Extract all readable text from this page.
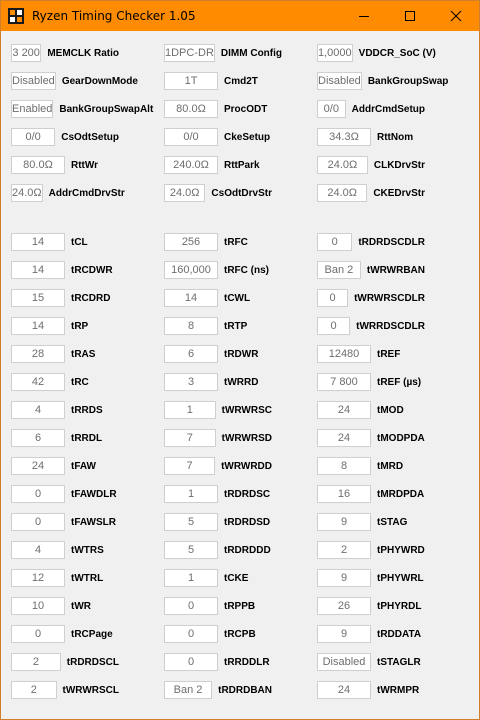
Ryzen Timing Checker 1.05
3 200 MEMCLK Ratio	1DPC-DR DIMM Config	1,0000 VDDCR_SoC (V)
Disabled GearDownMode	1T	Cmd2T	Disabled BankGroupSwap
Enabled BankGroupSwapAlt	80.0Ω	ProcODT	0/0	AddrCmdSetup
0/0	CsOdtSetup	0/0	CkeSetup	34.3Ω	RttNom
80.0Ω	RttWr	240.0Ω	RttPark	24.0Ω	CLKDrvStr
24.0Ω AddrCmdDrvStr	24.0Ω	CsOdtDrvStr	24.0Ω	CKEDrvStr
14	tCL	256	tRFC	0	tRDRDSCDLR
14	tRCDWR	160,000	tRFC (ns)	Ban 2	tWRWRBAN
15	tRCDRD	14	tCWL	0	tWRWRSCDLR
14	tRP	8	tRTP	0	tWRRDSCDLR
28	tRAS	6	tRDWR	12480	tREF
42	tRC	3	tWRRD	7 800	tREF (µs)
4	tRRDS	1	tWRWRSC	24	tMOD
6	tRRDL	7	tWRWRSD	24	tMODPDA
24	tFAW	7	tWRWRDD	8	tMRD
0	tFAWDLR	1	tRDRDSC	16	tMRDPDA
0	tFAWSLR	5	tRDRDSD	9	tSTAG
4	tWTRS	5	tRDRDDD	2	tPHYWRD
12	tWTRL	1	tCKE	9	tPHYWRL
10	tWR	0	tRPPB	26	tPHYRDL
0	tRCPage	0	tRCPB	9	tRDDATA
2	tRDRDSCL	0	tRRDDLR	Disabled	tSTAGLR
2	tWRWRSCL	Ban 2	tRDRDBAN	24	tWRMPR
